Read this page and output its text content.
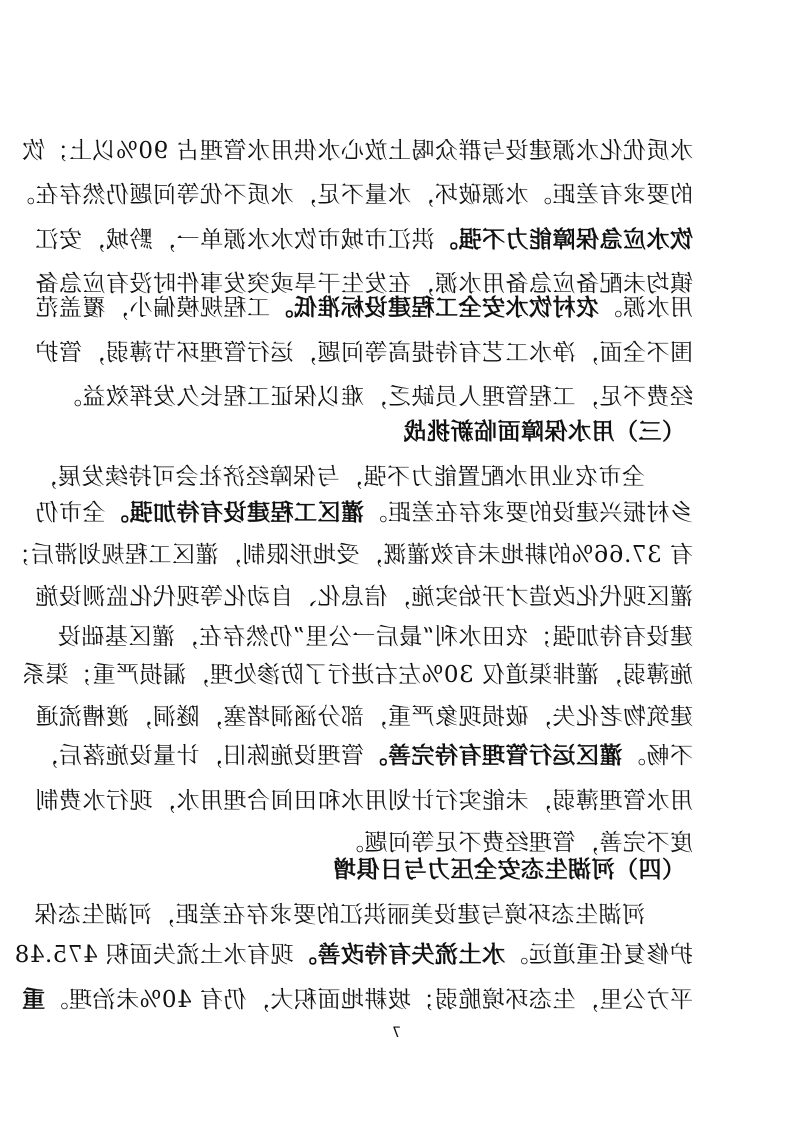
水质优化水源建设与群众喝上放心水供用水管理占 90%以上；饮
的要求有差距。水源破坏，水量不足，水质不优等问题仍然存在。
饮水应急保障能力不强。洪江市城市饮水水源单一，黔城，安江
镇均未配备应急备用水源，在发生干旱或突发事件时没有应急备
用水源。农村饮水安全工程建设标准低。工程规模偏小，覆盖范
围不全面，净水工艺有待提高等问题，运行管理环节薄弱，管护
经费不足，工程管理人员缺乏，难以保证工程长久发挥效益。
（三）用水保障面临新挑战
全市农业用水配置能力不强，与保障经济社会可持续发展，
乡村振兴建设的要求存在差距。灌区工程建设有待加强。全市仍
有 37.66%的耕地未有效灌溉，受地形限制，灌区工程规划滞后；
灌区现代化改造才开始实施，信息化、自动化等现代化监测设施
建设有待加强；农田水利“最后一公里”仍然存在，灌区基础设
施薄弱，灌排渠道仅 30%左右进行了防渗处理，漏损严重；渠系
建筑物老化失，破损现象严重，部分涵洞堵塞，隧洞，渡槽流通
不畅。灌区运行管理有待完善。管理设施陈旧，计量设施落后，
用水管理薄弱，未能实行计划用水和田间合理用水，现行水费制
度不完善，管理经费不足等问题。
（四）河湖生态安全压力与日俱增
河湖生态环境与建设美丽洪江的要求存在差距，河湖生态保
护修复任重道远。水土流失有待改善。现有水土流失面积 475.48
平方公里，生态环境脆弱；坡耕地面积大，仍有 40%未治理。重
7
